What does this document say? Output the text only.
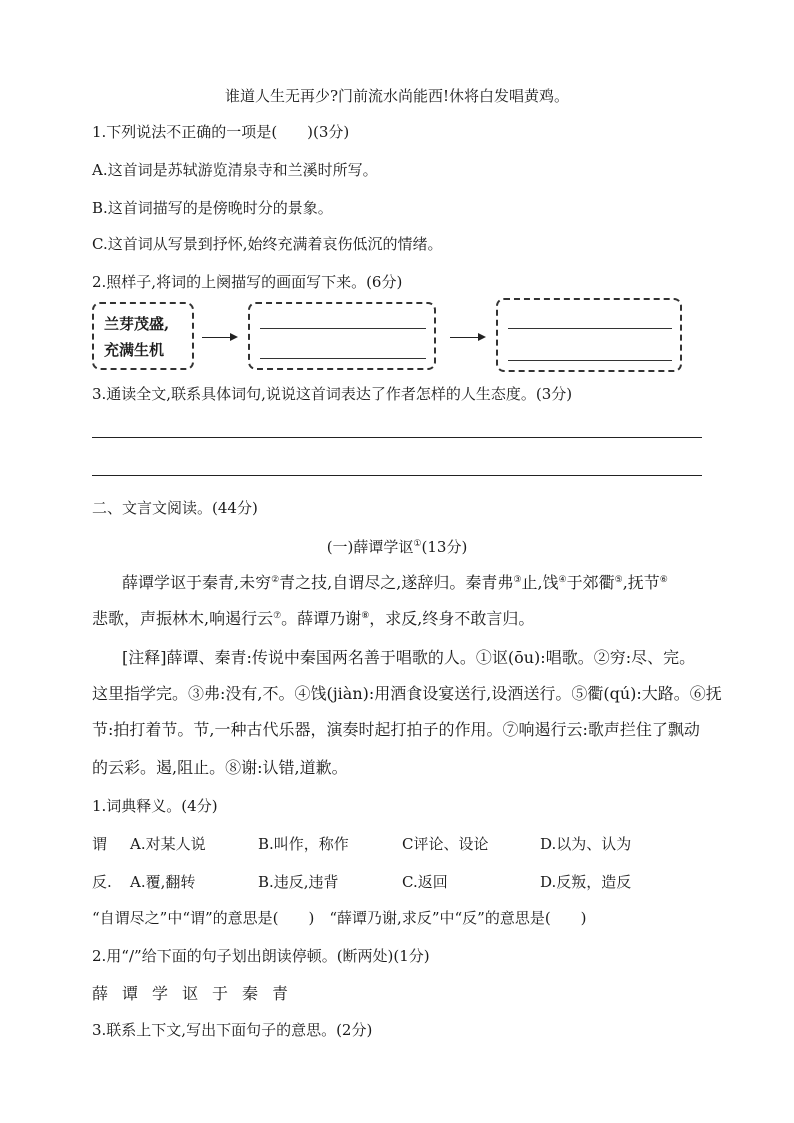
谁道人生无再少?门前流水尚能西!休将白发唱黄鸡。
1.下列说法不正确的一项是(　　)(3分)
A.这首词是苏轼游览清泉寺和兰溪时所写。
B.这首词描写的是傍晚时分的景象。
C.这首词从写景到抒怀,始终充满着哀伤低沉的情绪。
2.照样子,将词的上阕描写的画面写下来。(6分)
兰芽茂盛,
充满生机
3.通读全文,联系具体词句,说说这首词表达了作者怎样的人生态度。(3分)
二、文言文阅读。(44分)
(一)薛谭学讴①(13分)
薛谭学讴于秦青,未穷②青之技,自谓尽之,遂辞归。秦青弗③止,饯④于郊衢⑤,抚节⑥
悲歌，声振林木,响遏行云⑦。薛谭乃谢⑧，求反,终身不敢言归。
[注释]薛谭、秦青:传说中秦国两名善于唱歌的人。①讴(ōu):唱歌。②穷:尽、完。
这里指学完。③弗:没有,不。④饯(jiàn):用酒食设宴送行,设酒送行。⑤衢(qú):大路。⑥抚
节:拍打着节。节,一种古代乐器，演奏时起打拍子的作用。⑦响遏行云:歌声拦住了飘动
的云彩。遏,阻止。⑧谢:认错,道歉。
1.词典释义。(4分)
谓 A.对某人说	B.叫作，称作	C评论、设论	D.以为、认为
反. A.覆,翻转	B.违反,违背	C.返回	D.反叛，造反
“自谓尽之”中“谓”的意思是(　　)　“薛谭乃谢,求反”中“反”的意思是(　　)
2.用“/”给下面的句子划出朗读停顿。(断两处)(1分)
薛 谭 学 讴 于 秦 青
3.联系上下文,写出下面句子的意思。(2分)
